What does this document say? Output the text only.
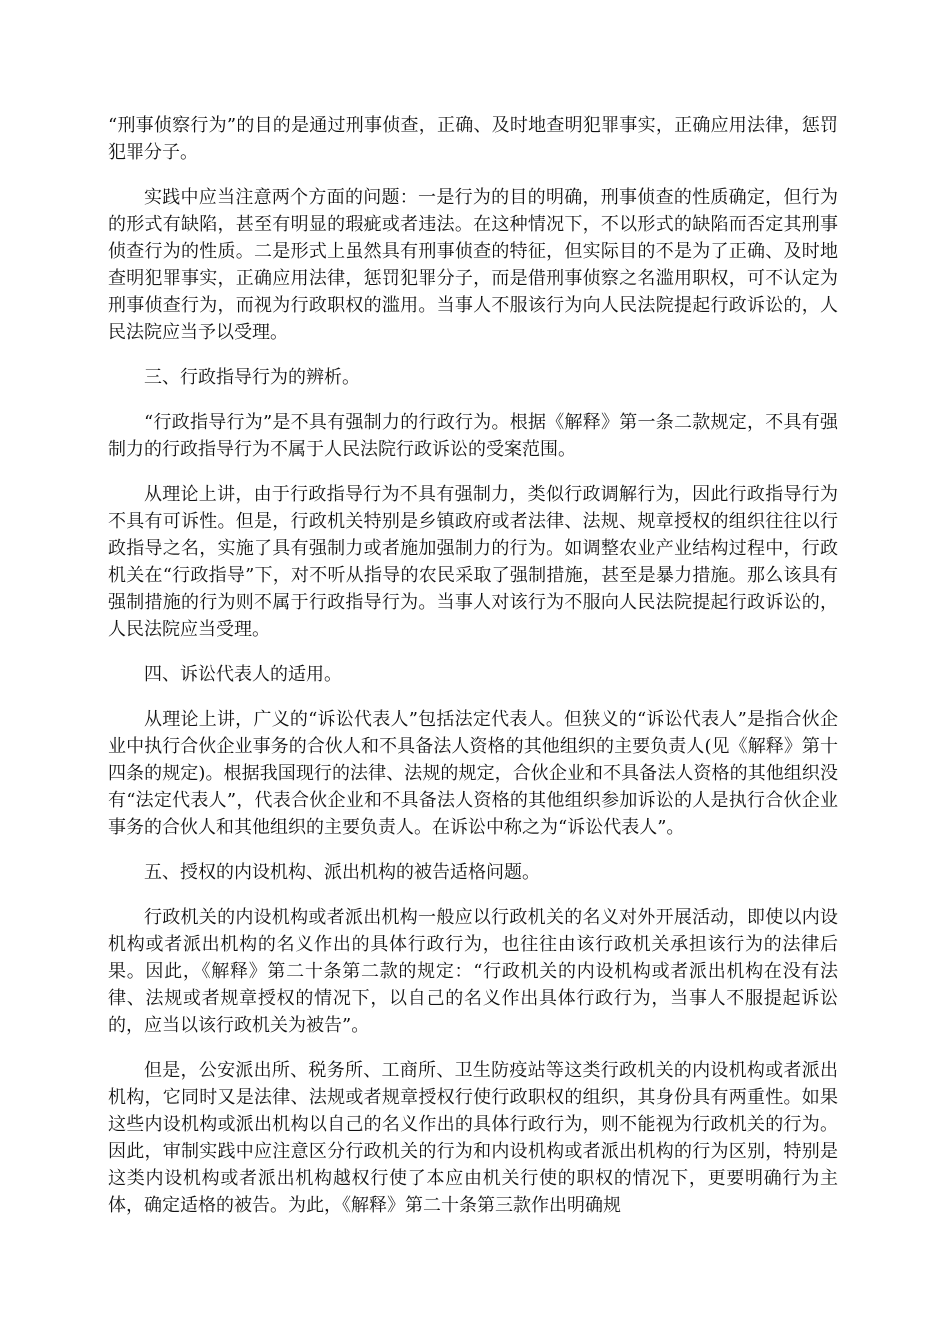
“刑事侦察行为”的目的是通过刑事侦查，正确、及时地查明犯罪事实，正确应用法律，惩罚犯罪分子。

实践中应当注意两个方面的问题：一是行为的目的明确，刑事侦查的性质确定，但行为的形式有缺陷，甚至有明显的瑕疵或者违法。在这种情况下，不以形式的缺陷而否定其刑事侦查行为的性质。二是形式上虽然具有刑事侦查的特征，但实际目的不是为了正确、及时地查明犯罪事实，正确应用法律，惩罚犯罪分子，而是借刑事侦察之名滥用职权，可不认定为刑事侦查行为，而视为行政职权的滥用。当事人不服该行为向人民法院提起行政诉讼的，人民法院应当予以受理。

三、行政指导行为的辨析。

“行政指导行为”是不具有强制力的行政行为。根据《解释》第一条二款规定，不具有强制力的行政指导行为不属于人民法院行政诉讼的受案范围。

从理论上讲，由于行政指导行为不具有强制力，类似行政调解行为，因此行政指导行为不具有可诉性。但是，行政机关特别是乡镇政府或者法律、法规、规章授权的组织往往以行政指导之名，实施了具有强制力或者施加强制力的行为。如调整农业产业结构过程中，行政机关在“行政指导”下，对不听从指导的农民采取了强制措施，甚至是暴力措施。那么该具有强制措施的行为则不属于行政指导行为。当事人对该行为不服向人民法院提起行政诉讼的，人民法院应当受理。

四、诉讼代表人的适用。

从理论上讲，广义的“诉讼代表人”包括法定代表人。但狭义的“诉讼代表人”是指合伙企业中执行合伙企业事务的合伙人和不具备法人资格的其他组织的主要负责人(见《解释》第十四条的规定)。根据我国现行的法律、法规的规定，合伙企业和不具备法人资格的其他组织没有“法定代表人”，代表合伙企业和不具备法人资格的其他组织参加诉讼的人是执行合伙企业事务的合伙人和其他组织的主要负责人。在诉讼中称之为“诉讼代表人”。

五、授权的内设机构、派出机构的被告适格问题。

行政机关的内设机构或者派出机构一般应以行政机关的名义对外开展活动，即使以内设机构或者派出机构的名义作出的具体行政行为，也往往由该行政机关承担该行为的法律后果。因此，《解释》第二十条第二款的规定：“行政机关的内设机构或者派出机构在没有法律、法规或者规章授权的情况下，以自己的名义作出具体行政行为，当事人不服提起诉讼的，应当以该行政机关为被告”。

但是，公安派出所、税务所、工商所、卫生防疫站等这类行政机关的内设机构或者派出机构，它同时又是法律、法规或者规章授权行使行政职权的组织，其身份具有两重性。如果这些内设机构或派出机构以自己的名义作出的具体行政行为，则不能视为行政机关的行为。因此，审制实践中应注意区分行政机关的行为和内设机构或者派出机构的行为区别，特别是这类内设机构或者派出机构越权行使了本应由机关行使的职权的情况下，更要明确行为主体，确定适格的被告。为此，《解释》第二十条第三款作出明确规
